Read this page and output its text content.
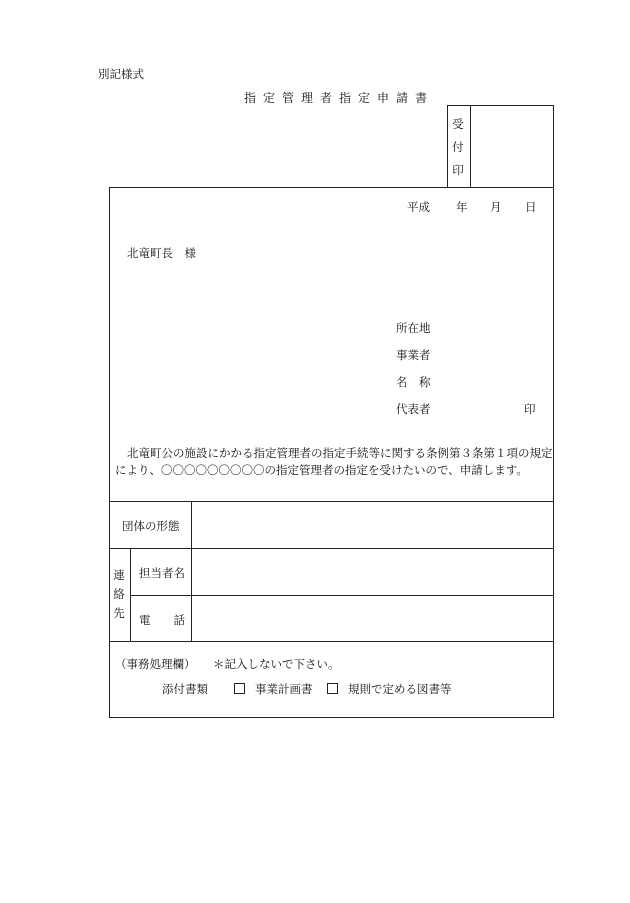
別記様式
指定管理者指定申請書
受
付
印
平成 年 月 日
北竜町長　様
所在地
事業者
名　称
代表者	印
北竜町公の施設にかかる指定管理者の指定手続等に関する条例第３条第１項の規定により、〇〇〇〇〇〇〇〇〇の指定管理者の指定を受けたいので、申請します。
団体の形態
連
絡
先
担当者名
電　　話
（事務処理欄） ＊記入しないで下さい。
添付書類	事業計画書	規則で定める図書等
